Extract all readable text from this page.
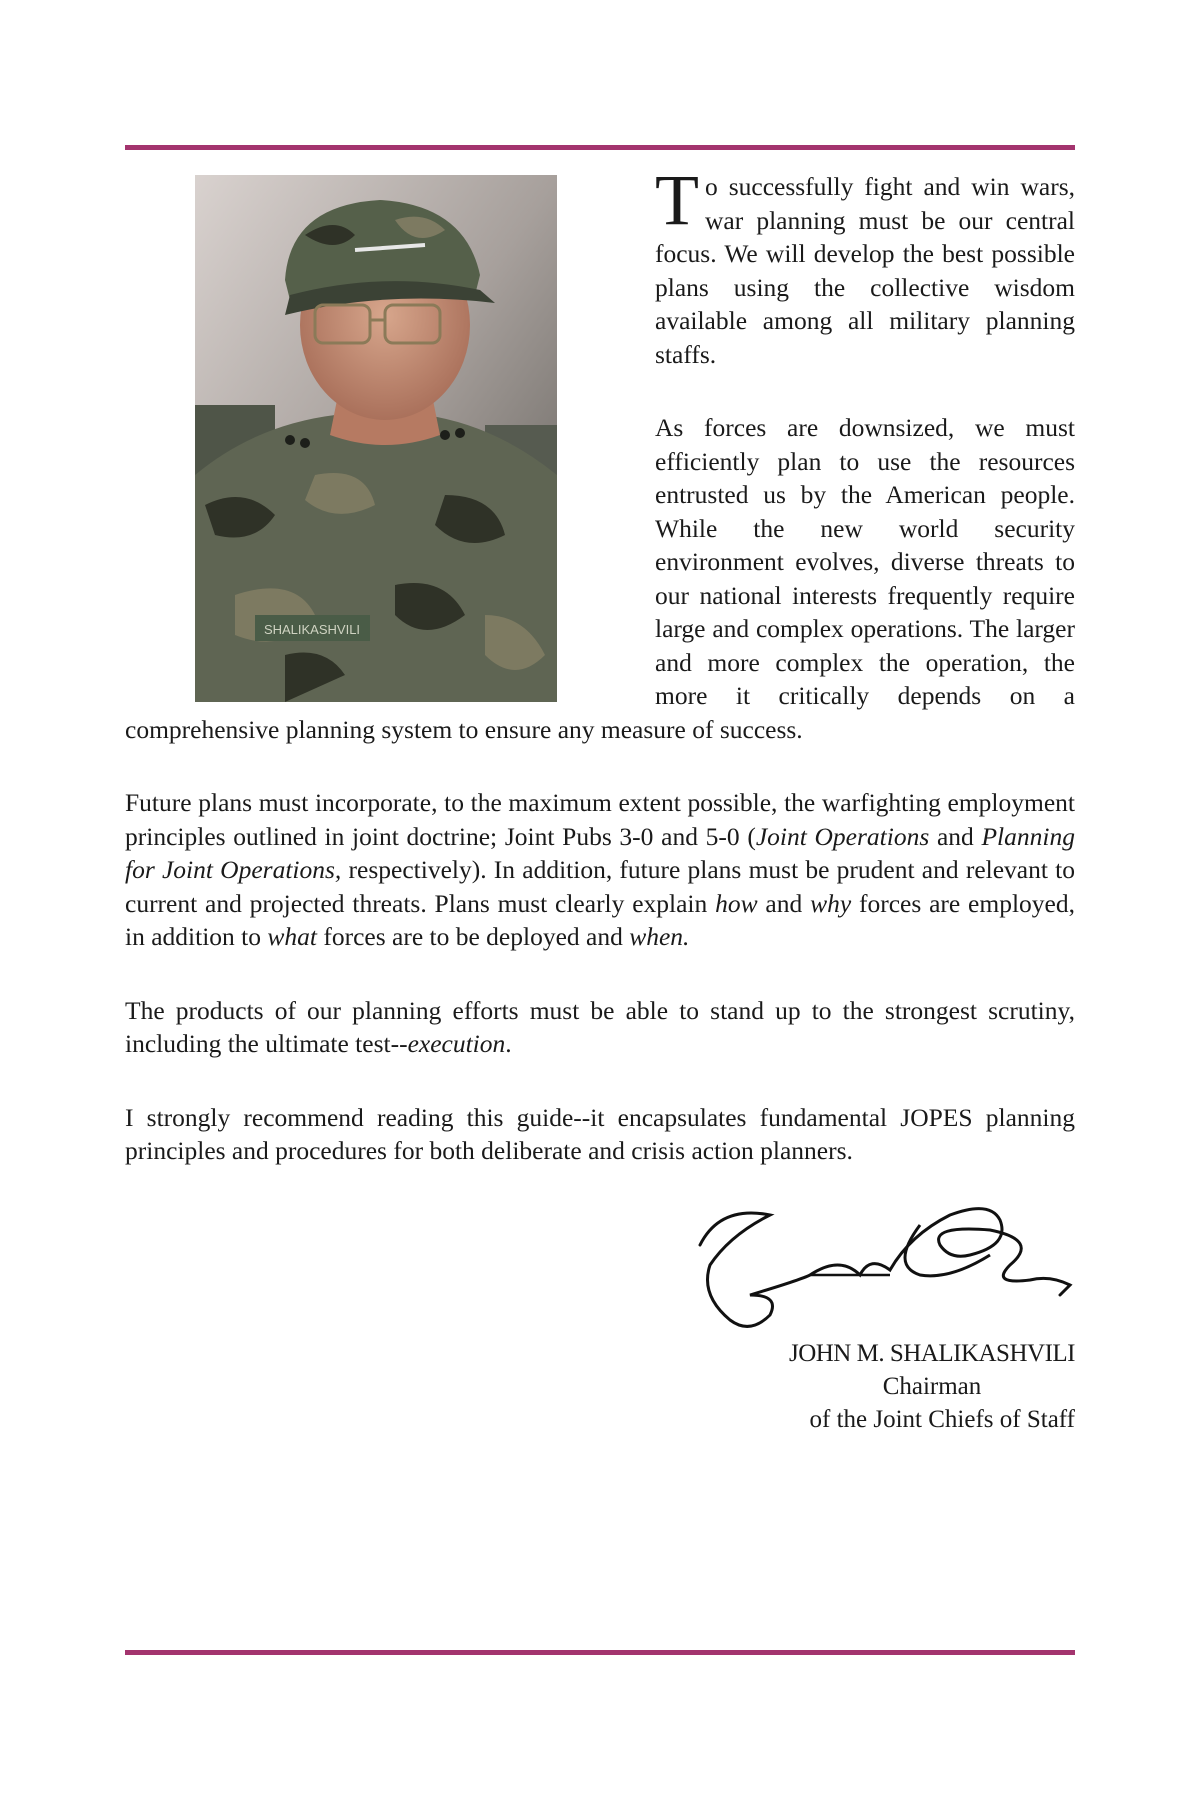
SHALIKASHVILI

To successfully fight and win wars, war planning must be our central focus. We will develop the best possible plans using the collective wisdom available among all military planning staffs.

As forces are downsized, we must efficiently plan to use the resources entrusted us by the American people. While the new world security environment evolves, diverse threats to our national interests frequently require large and complex operations. The larger and more complex the operation, the more it critically depends on a comprehensive planning system to ensure any measure of success.

Future plans must incorporate, to the maximum extent possible, the warfighting employment principles outlined in joint doctrine; Joint Pubs 3-0 and 5-0 (Joint Operations and Planning for Joint Operations, respectively). In addition, future plans must be prudent and relevant to current and projected threats. Plans must clearly explain how and why forces are employed, in addition to what forces are to be deployed and when.

The products of our planning efforts must be able to stand up to the strongest scrutiny, including the ultimate test--execution.

I strongly recommend reading this guide--it encapsulates fundamental JOPES planning principles and procedures for both deliberate and crisis action planners.

JOHN M. SHALIKASHVILI
Chairman
of the Joint Chiefs of Staff
